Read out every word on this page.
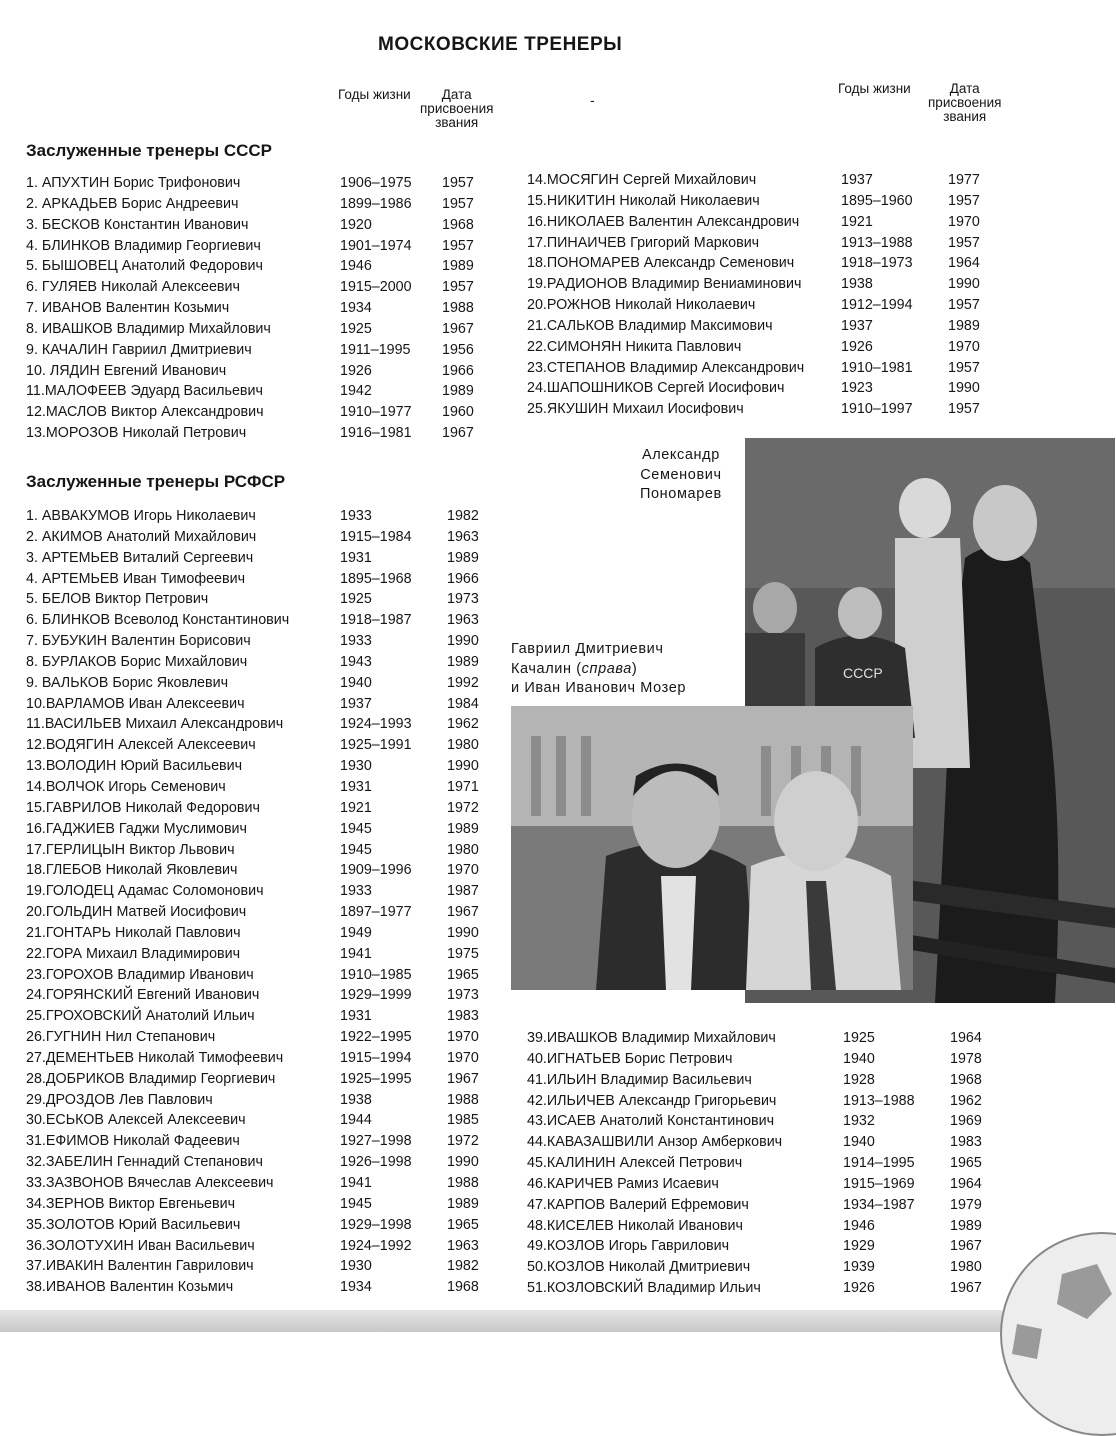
МОСКОВСКИЕ ТРЕНЕРЫ
Годы жизни	Дата
присвоения
звания
-
Годы жизни	Дата
присвоения
звания
Заслуженные тренеры СССР
Заслуженные тренеры РСФСР
1. АПУХТИН Борис Трифонович	1906–1975 1957
2. АРКАДЬЕВ Борис Андреевич	1899–1986 1957
3. БЕСКОВ Константин Иванович	1920	1968
4. БЛИНКОВ Владимир Георгиевич	1901–1974 1957
5. БЫШОВЕЦ Анатолий Федорович	1946	1989
6. ГУЛЯЕВ Николай Алексеевич	1915–2000 1957
7. ИВАНОВ Валентин Козьмич	1934	1988
8. ИВАШКОВ Владимир Михайлович	1925	1967
9. КАЧАЛИН Гавриил Дмитриевич	1911–1995 1956
10. ЛЯДИН Евгений Иванович	1926	1966
11.МАЛОФЕЕВ Эдуард Васильевич	1942	1989
12.МАСЛОВ Виктор Александрович	1910–1977 1960
13.МОРОЗОВ Николай Петрович	1916–1981 1967
14.МОСЯГИН Сергей Михайлович	1937	1977
15.НИКИТИН Николай Николаевич	1895–1960 1957
16.НИКОЛАЕВ Валентин Александрович	1921	1970
17.ПИНАИЧЕВ Григорий Маркович	1913–1988 1957
18.ПОНОМАРЕВ Александр Семенович	1918–1973 1964
19.РАДИОНОВ Владимир Вениаминович	1938	1990
20.РОЖНОВ Николай Николаевич	1912–1994 1957
21.САЛЬКОВ Владимир Максимович	1937	1989
22.СИМОНЯН Никита Павлович	1926	1970
23.СТЕПАНОВ Владимир Александрович	1910–1981 1957
24.ШАПОШНИКОВ Сергей Иосифович	1923	1990
25.ЯКУШИН Михаил Иосифович	1910–1997 1957
1. АВВАКУМОВ Игорь Николаевич	1933	1982
2. АКИМОВ Анатолий Михайлович	1915–1984 1963
3. АРТЕМЬЕВ Виталий Сергеевич	1931	1989
4. АРТЕМЬЕВ Иван Тимофеевич	1895–1968 1966
5. БЕЛОВ Виктор Петрович	1925	1973
6. БЛИНКОВ Всеволод Константинович	1918–1987 1963
7. БУБУКИН Валентин Борисович	1933	1990
8. БУРЛАКОВ Борис Михайлович	1943	1989
9. ВАЛЬКОВ Борис Яковлевич	1940	1992
10.ВАРЛАМОВ Иван Алексеевич	1937	1984
11.ВАСИЛЬЕВ Михаил Александрович	1924–1993 1962
12.ВОДЯГИН Алексей Алексеевич	1925–1991 1980
13.ВОЛОДИН Юрий Васильевич	1930	1990
14.ВОЛЧОК Игорь Семенович	1931	1971
15.ГАВРИЛОВ Николай Федорович	1921	1972
16.ГАДЖИЕВ Гаджи Муслимович	1945	1989
17.ГЕРЛИЦЫН Виктор Львович	1945	1980
18.ГЛЕБОВ Николай Яковлевич	1909–1996 1970
19.ГОЛОДЕЦ Адамас Соломонович	1933	1987
20.ГОЛЬДИН Матвей Иосифович	1897–1977 1967
21.ГОНТАРЬ Николай Павлович	1949	1990
22.ГОРА Михаил Владимирович	1941	1975
23.ГОРОХОВ Владимир Иванович	1910–1985 1965
24.ГОРЯНСКИЙ Евгений Иванович	1929–1999 1973
25.ГРОХОВСКИЙ Анатолий Ильич	1931	1983
26.ГУГНИН Нил Степанович	1922–1995 1970
27.ДЕМЕНТЬЕВ Николай Тимофеевич	1915–1994 1970
28.ДОБРИКОВ Владимир Георгиевич	1925–1995 1967
29.ДРОЗДОВ Лев Павлович	1938	1988
30.ЕСЬКОВ Алексей Алексеевич	1944	1985
31.ЕФИМОВ Николай Фадеевич	1927–1998 1972
32.ЗАБЕЛИН Геннадий Степанович	1926–1998 1990
33.ЗАЗВОНОВ Вячеслав Алексеевич	1941	1988
34.ЗЕРНОВ Виктор Евгеньевич	1945	1989
35.ЗОЛОТОВ Юрий Васильевич	1929–1998 1965
36.ЗОЛОТУХИН Иван Васильевич	1924–1992 1963
37.ИВАКИН Валентин Гаврилович	1930	1982
38.ИВАНОВ Валентин Козьмич	1934	1968
39.ИВАШКОВ Владимир Михайлович	1925	1964
40.ИГНАТЬЕВ Борис Петрович	1940	1978
41.ИЛЬИН Владимир Васильевич	1928	1968
42.ИЛЬИЧЕВ Александр Григорьевич	1913–1988 1962
43.ИСАЕВ Анатолий Константинович	1932	1969
44.КАВАЗАШВИЛИ Анзор Амберкович	1940	1983
45.КАЛИНИН Алексей Петрович	1914–1995 1965
46.КАРИЧЕВ Рамиз Исаевич	1915–1969 1964
47.КАРПОВ Валерий Ефремович	1934–1987 1979
48.КИСЕЛЕВ Николай Иванович	1946	1989
49.КОЗЛОВ Игорь Гаврилович	1929	1967
50.КОЗЛОВ Николай Дмитриевич	1939	1980
51.КОЗЛОВСКИЙ Владимир Ильич	1926	1967
СССР
Александр
Семенович
Пономарев
Гавриил Дмитриевич
Качалин (справа)
и Иван Иванович Мозер
